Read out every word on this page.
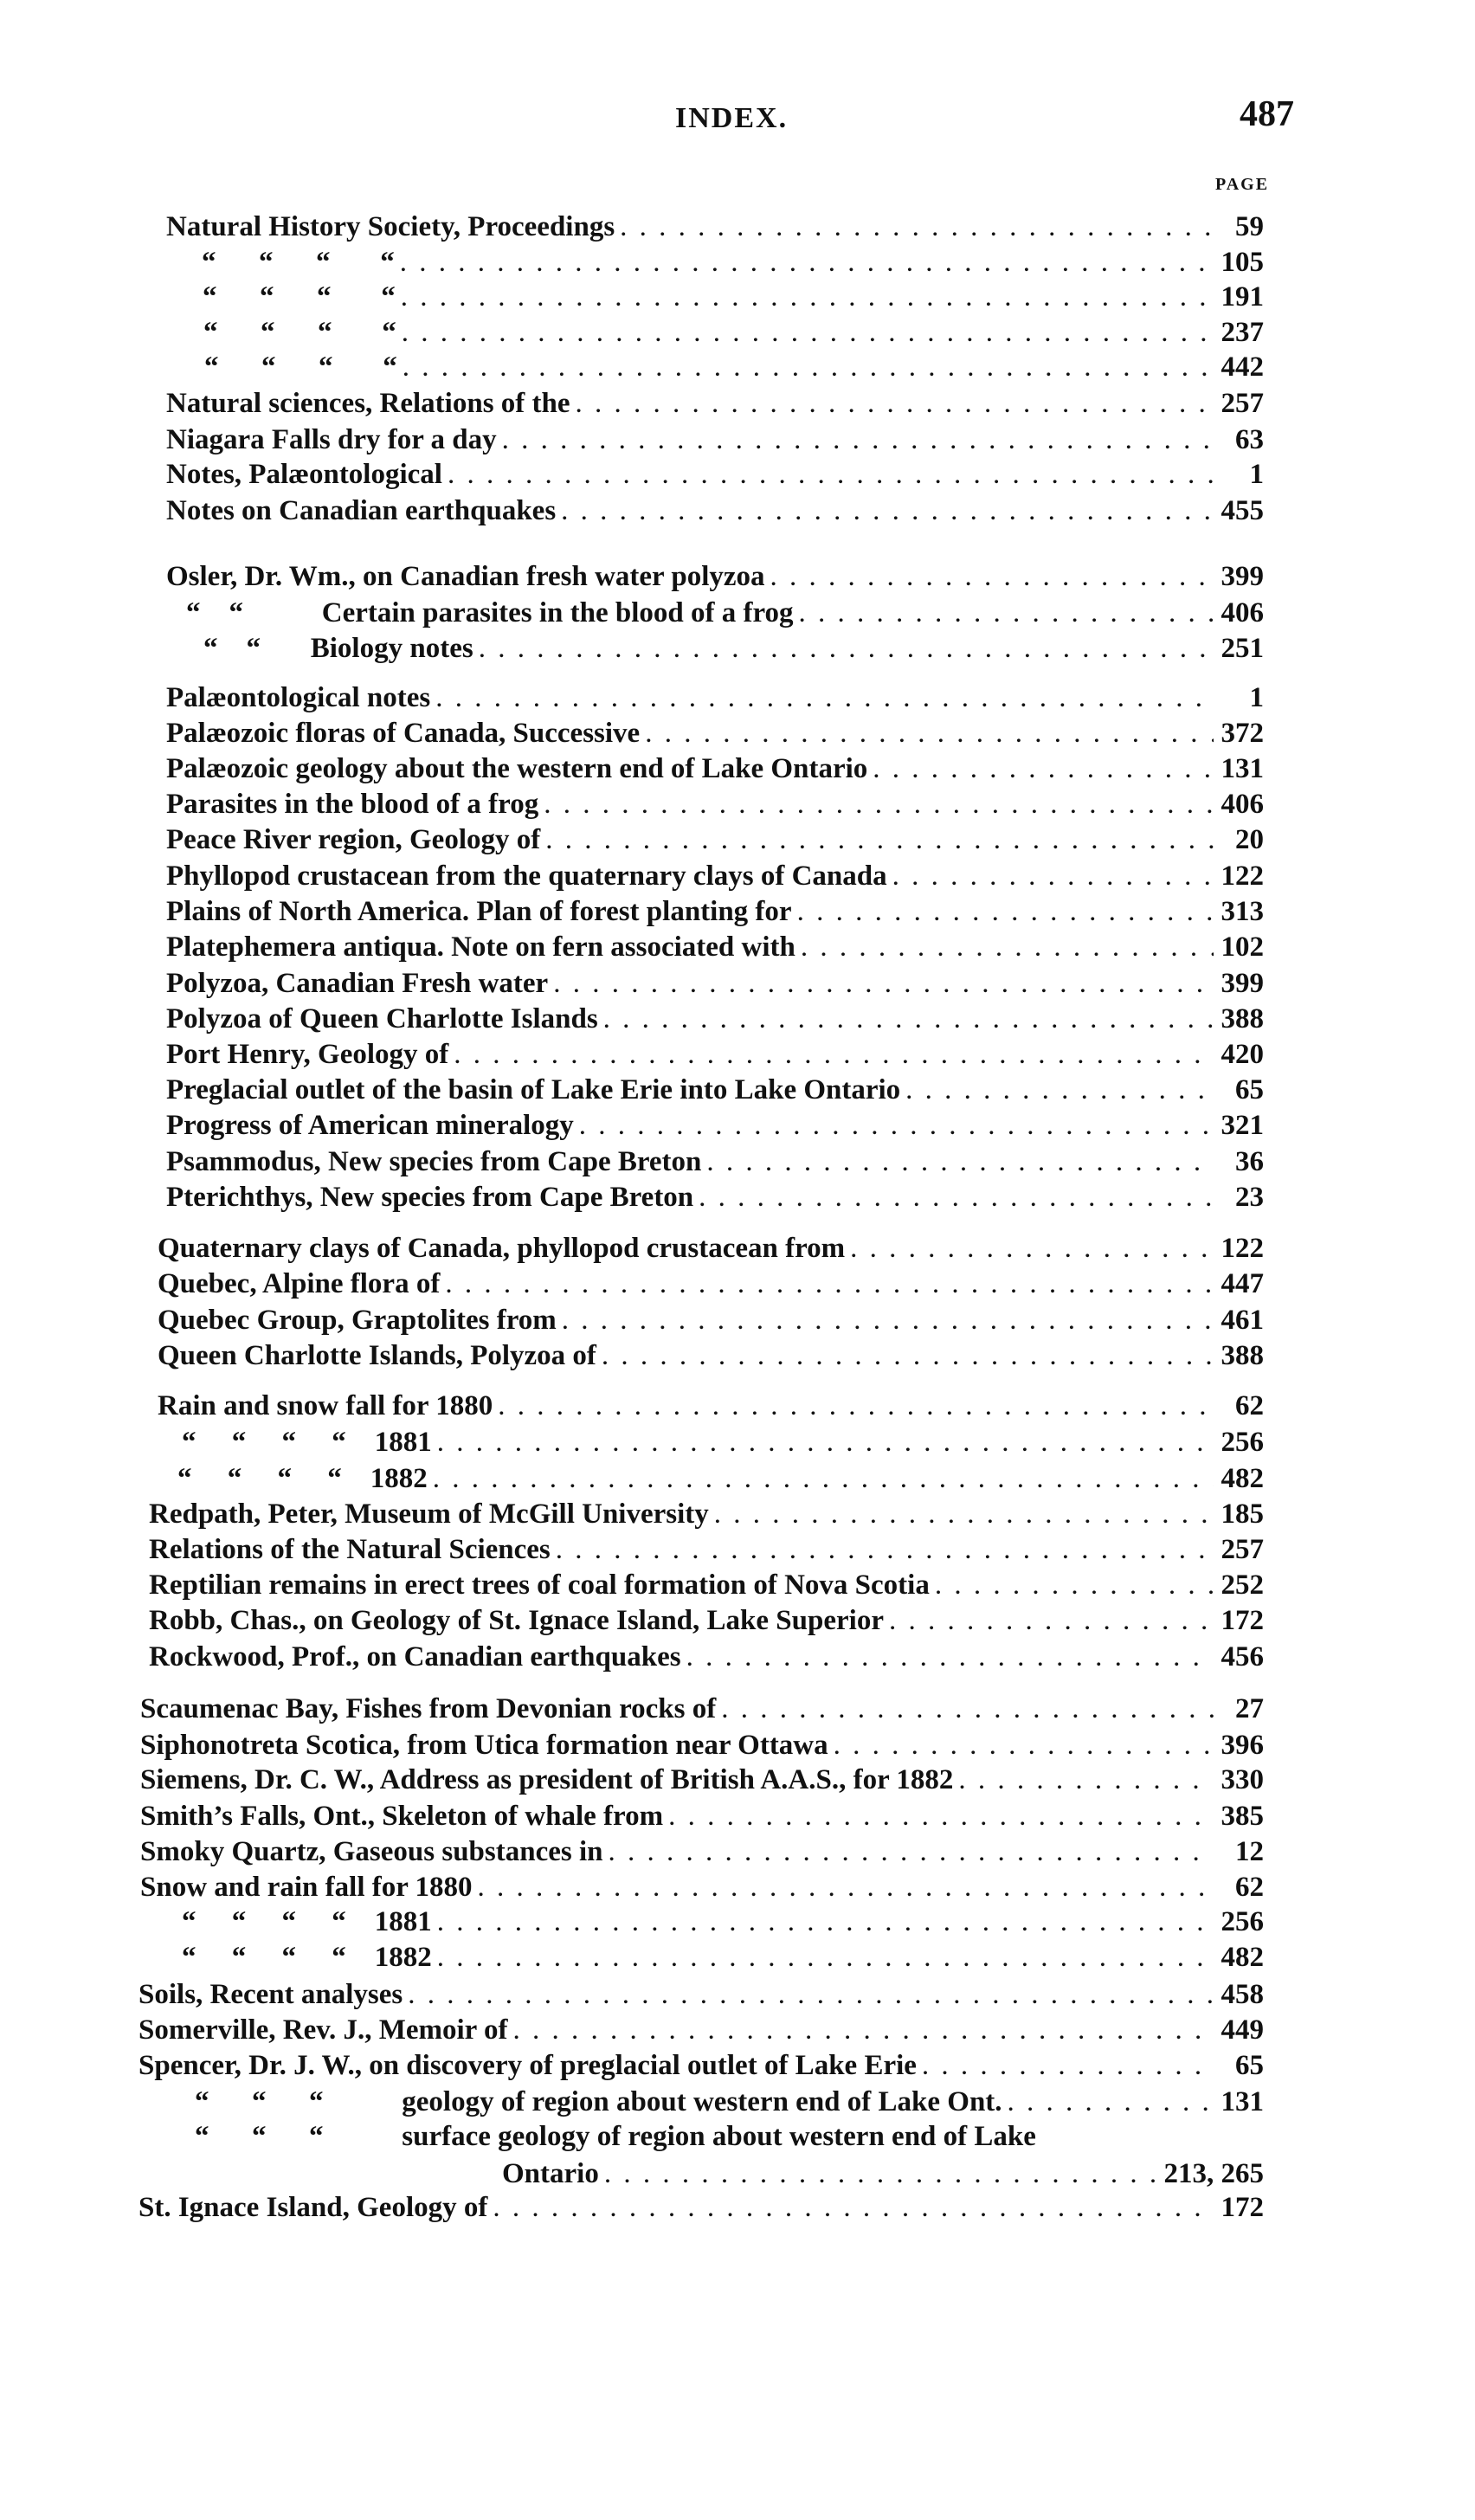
INDEX.	487
PAGE
Natural History Society, Proceedings . . .	59
“      “      “       “ . . .	105
“      “      “       “ . . .	191
“      “      “       “ . . .	237
“      “      “       “ . . .	442
Natural sciences, Relations of the . . .	257
Niagara Falls dry for a day . . .	63
Notes, Palæontological . . .	1
Notes on Canadian earthquakes . . .	455
Osler, Dr. Wm., on Canadian fresh water polyzoa . . .	399
“    “           Certain parasites in the blood of a frog . . .	406
“    “       Biology notes . . .	251
Palæontological notes . . .	1
Palæozoic floras of Canada, Successive . . .	372
Palæozoic geology about the western end of Lake Ontario . . .	131
Parasites in the blood of a frog . . .	406
Peace River region, Geology of . . .	20
Phyllopod crustacean from the quaternary clays of Canada . . .	122
Plains of North America. Plan of forest planting for . . .	313
Platephemera antiqua. Note on fern associated with . . .	102
Polyzoa, Canadian Fresh water . . .	399
Polyzoa of Queen Charlotte Islands . . .	388
Port Henry, Geology of . . .	420
Preglacial outlet of the basin of Lake Erie into Lake Ontario . . .	65
Progress of American mineralogy . . .	321
Psammodus, New species from Cape Breton . . .	36
Pterichthys, New species from Cape Breton . . .	23
Quaternary clays of Canada, phyllopod crustacean from . . .	122
Quebec, Alpine flora of . . .	447
Quebec Group, Graptolites from . . .	461
Queen Charlotte Islands, Polyzoa of . . .	388
Rain and snow fall for 1880 . . .	62
“     “     “     “    1881 . . .	256
“     “     “     “    1882 . . .	482
Redpath, Peter, Museum of McGill University . . .	185
Relations of the Natural Sciences . . .	257
Reptilian remains in erect trees of coal formation of Nova Scotia . . .	252
Robb, Chas., on Geology of St. Ignace Island, Lake Superior . . .	172
Rockwood, Prof., on Canadian earthquakes . . .	456
Scaumenac Bay, Fishes from Devonian rocks of . . .	27
Siphonotreta Scotica, from Utica formation near Ottawa . . .	396
Siemens, Dr. C. W., Address as president of British A.A.S., for 1882 . . .	330
Smith’s Falls, Ont., Skeleton of whale from . . .	385
Smoky Quartz, Gaseous substances in . . .	12
Snow and rain fall for 1880 . . .	62
“     “     “     “    1881 . . .	256
“     “     “     “    1882 . . .	482
Soils, Recent analyses . . .	458
Somerville, Rev. J., Memoir of . . .	449
Spencer, Dr. J. W., on discovery of preglacial outlet of Lake Erie . . .	65
“      “      “           geology of region about western end of Lake Ont. . . .	131
“      “      “           surface geology of region about western end of Lake
Ontario . . .	213, 265
St. Ignace Island, Geology of . . .	172
